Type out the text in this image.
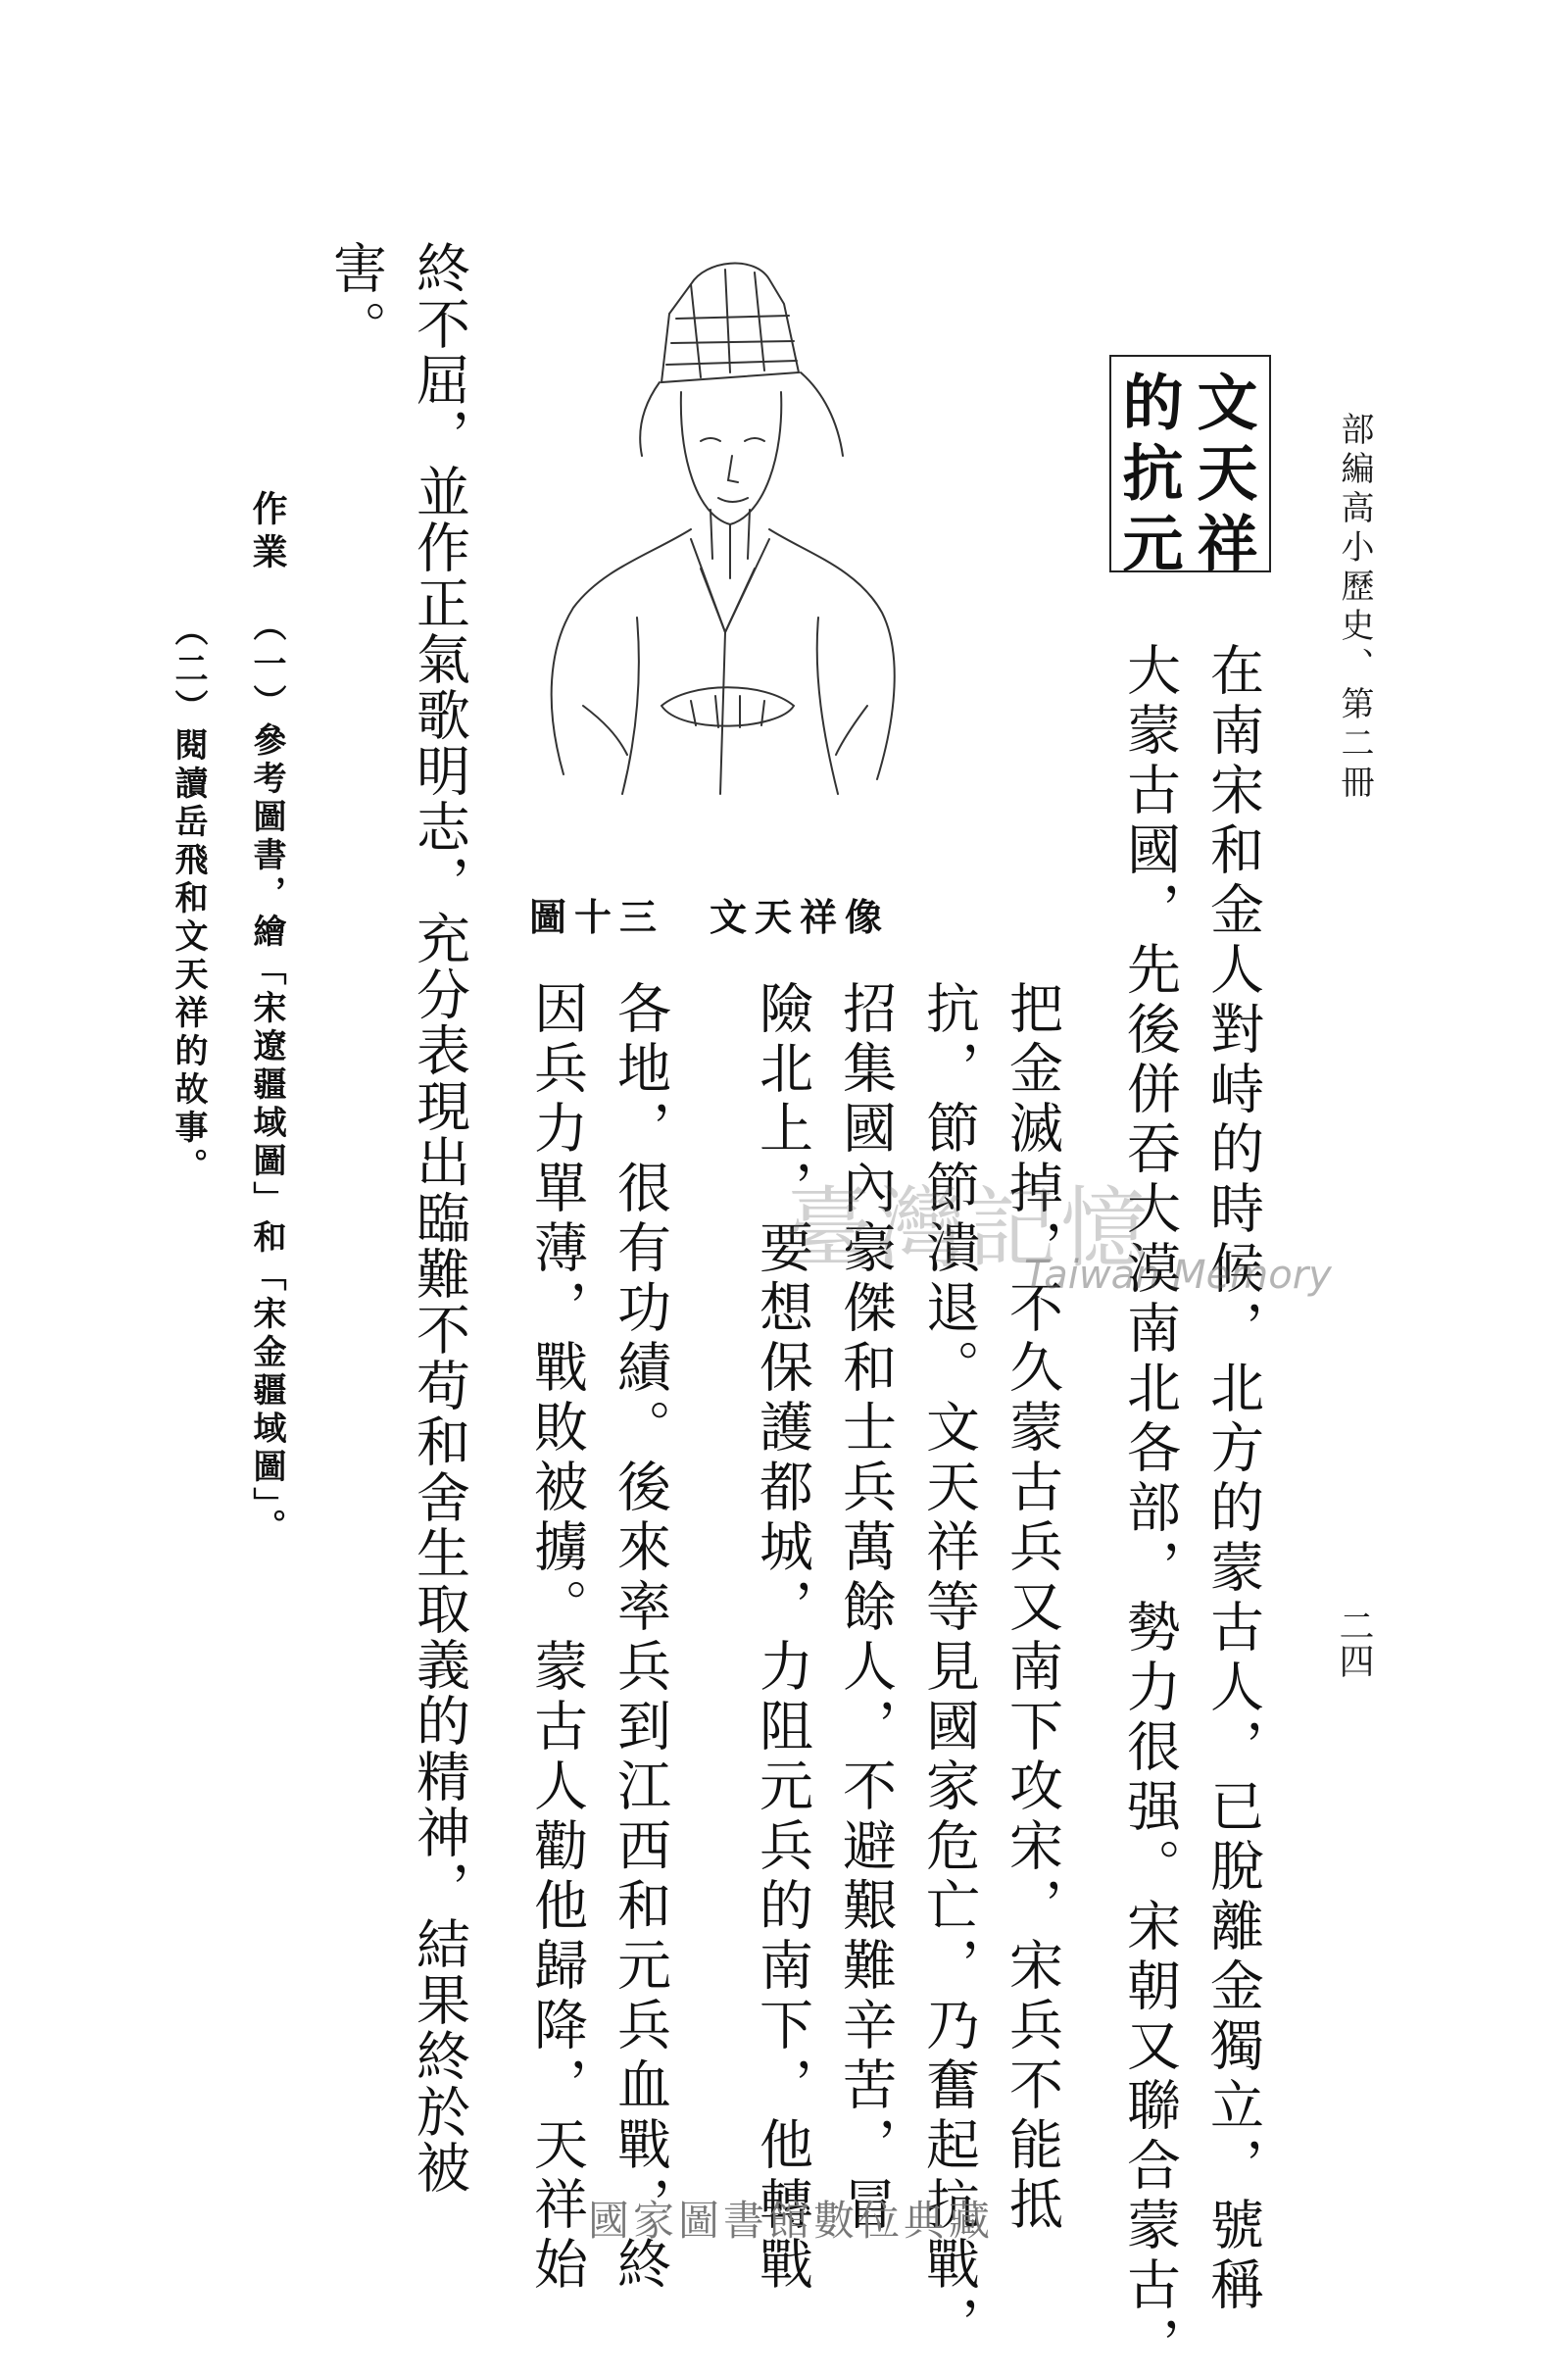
部編高小歷史、第二冊
二四
文天祥
的抗元
在南宋和金人對峙的時候，北方的蒙古人，已脫離金獨立，號稱
大蒙古國，先後併吞大漠南北各部，勢力很强。宋朝又聯合蒙古，
把金滅掉，不久蒙古兵又南下攻宋，宋兵不能抵
抗，節節潰退。文天祥等見國家危亡，乃奮起抗戰，
招集國內豪傑和士兵萬餘人，不避艱難辛苦，冒
險北上，要想保護都城，力阻元兵的南下，他轉戰
各地，很有功績。後來率兵到江西和元兵血戰，終
因兵力單薄，戰敗被擄。蒙古人勸他歸降，天祥始
終不屈，並作正氣歌明志，充分表現出臨難不苟和舍生取義的精神，結果終於被
害。
作業
（一）參考圖書，繪「宋遼疆域圖」和「宋金疆域圖」。
（二）閱讀岳飛和文天祥的故事。	圖十三　文天祥像
臺灣記憶
Taiwan Memory
國家圖書館數位典藏
